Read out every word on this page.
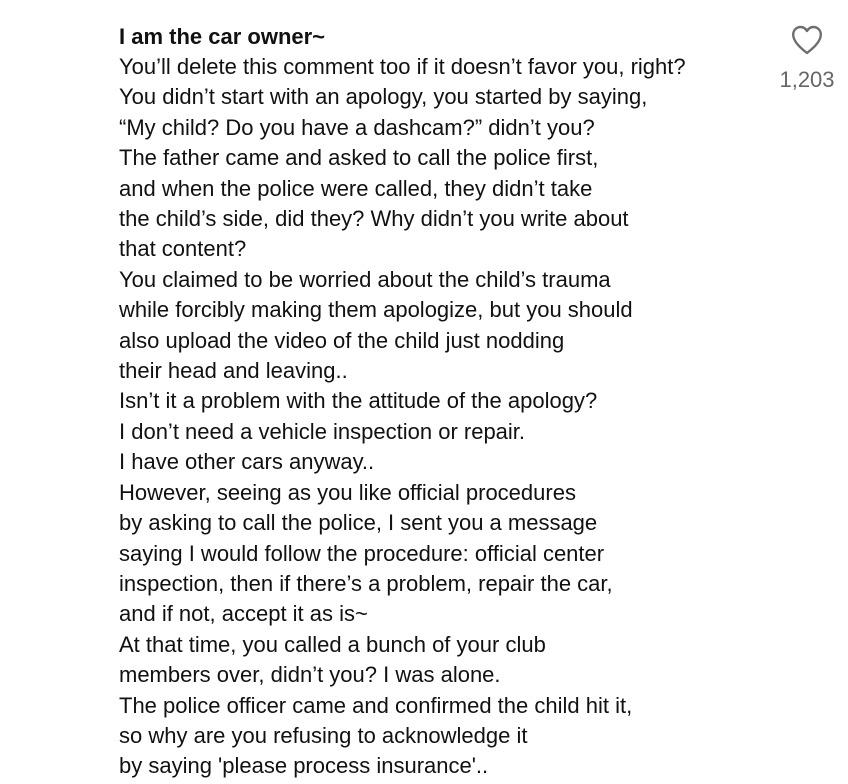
I am the car owner~
You’ll delete this comment too if it doesn’t favor you, right?
You didn’t start with an apology, you started by saying,
“My child? Do you have a dashcam?” didn’t you?
The father came and asked to call the police first,
and when the police were called, they didn’t take
the child’s side, did they? Why didn’t you write about
that content?
You claimed to be worried about the child’s trauma
while forcibly making them apologize, but you should
also upload the video of the child just nodding
their head and leaving..
Isn’t it a problem with the attitude of the apology?
I don’t need a vehicle inspection or repair.
I have other cars anyway..
However, seeing as you like official procedures
by asking to call the police, I sent you a message
saying I would follow the procedure: official center
inspection, then if there’s a problem, repair the car,
and if not, accept it as is~
At that time, you called a bunch of your club
members over, didn’t you? I was alone.
The police officer came and confirmed the child hit it,
so why are you refusing to acknowledge it
by saying 'please process insurance'..
1,203
